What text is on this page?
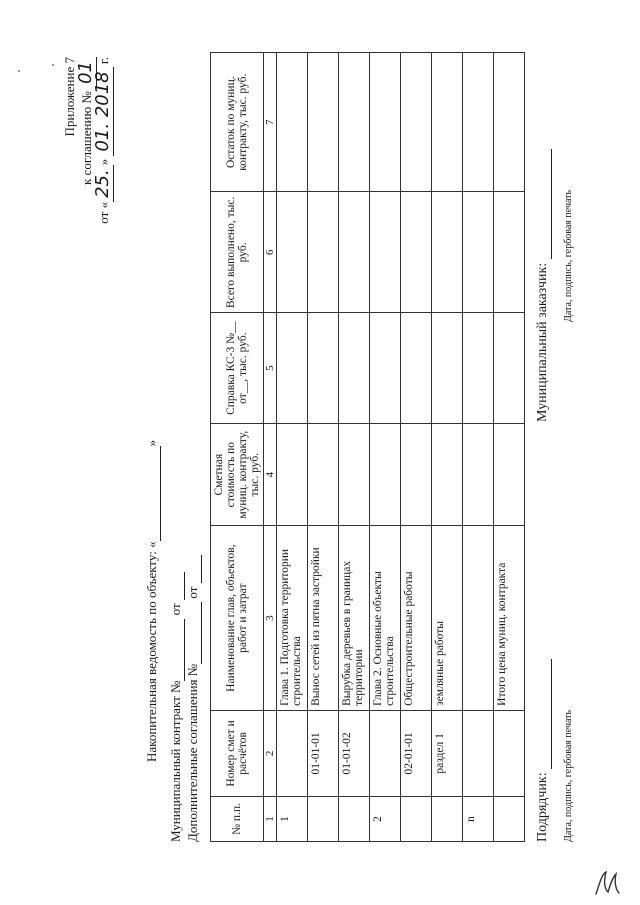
Приложение 7 к соглашению № 01
от «25.» 01. 2018 г.
Накопительная ведомость по объекту: « »
Муниципальный контракт №  от
Дополнительные соглашения №  от
№ п.п.	Номер смет и расчётов	Наименование глав, объектов, работ и затрат	Сметная стоимость по муниц. контракту, тыс. руб.	Справка КС-3 №__ от__, тыс. руб.	Всего выполнено, тыс. руб.	Остаток по муниц. контракту, тыс. руб.
1	2	3	4	5	6	7
1		Глава 1. Подготовка территории строительства				
	01-01-01	Вынос сетей из пятна застройки				
	01-01-02	Вырубка деревьев в границах территории				
2		Глава 2. Основные объекты строительства				
	02-01-01	Общестроительные работы				
	раздел 1	земляные работы				
n						
		Итого цена муниц. контракта				
Подрядчик: Дата, подпись, гербовая печать
Муниципальный заказчик:
Дата, подпись, гербовая печать
